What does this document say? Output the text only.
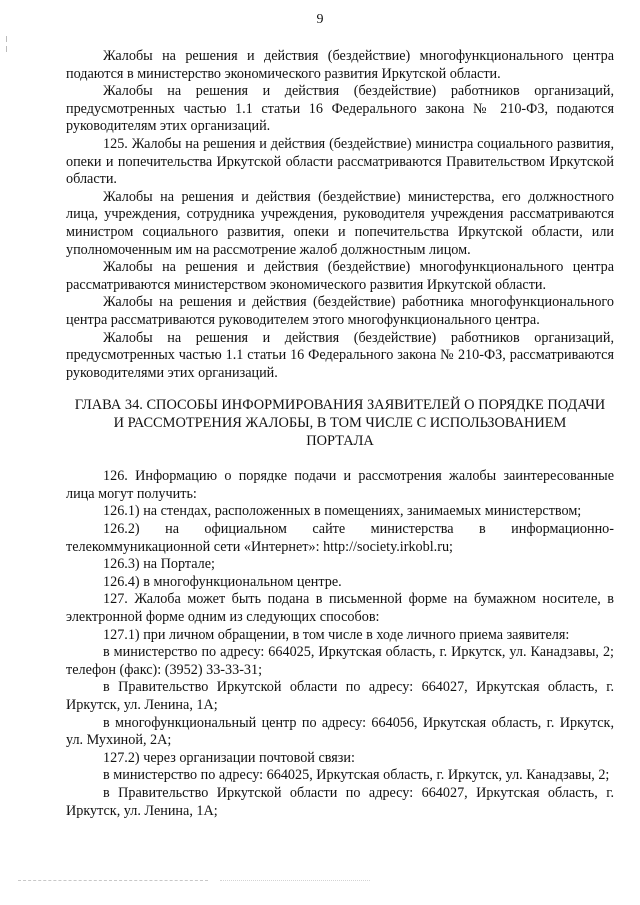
9

Жалобы на решения и действия (бездействие) многофункционального центра подаются в министерство экономического развития Иркутской области.

Жалобы на решения и действия (бездействие) работников организаций, предусмотренных частью 1.1 статьи 16 Федерального закона № 210-ФЗ, подаются руководителям этих организаций.

125. Жалобы на решения и действия (бездействие) министра социального развития, опеки и попечительства Иркутской области рассматриваются Правительством Иркутской области.

Жалобы на решения и действия (бездействие) министерства, его должностного лица, учреждения, сотрудника учреждения, руководителя учреждения рассматриваются министром социального развития, опеки и попечительства Иркутской области, или уполномоченным им на рассмотрение жалоб должностным лицом.

Жалобы на решения и действия (бездействие) многофункционального центра рассматриваются министерством экономического развития Иркутской области.

Жалобы на решения и действия (бездействие) работника многофункционального центра рассматриваются руководителем этого многофункционального центра.

Жалобы на решения и действия (бездействие) работников организаций, предусмотренных частью 1.1 статьи 16 Федерального закона № 210-ФЗ, рассматриваются руководителями этих организаций.

ГЛАВА 34. СПОСОБЫ ИНФОРМИРОВАНИЯ ЗАЯВИТЕЛЕЙ О ПОРЯДКЕ ПОДАЧИ
И РАССМОТРЕНИЯ ЖАЛОБЫ, В ТОМ ЧИСЛЕ С ИСПОЛЬЗОВАНИЕМ
ПОРТАЛА

126. Информацию о порядке подачи и рассмотрения жалобы заинтересованные лица могут получить:

126.1) на стендах, расположенных в помещениях, занимаемых министерством;

126.2) на официальном сайте министерства в информационно-телекоммуникационной сети «Интернет»: http://society.irkobl.ru;

126.3) на Портале;

126.4) в многофункциональном центре.

127. Жалоба может быть подана в письменной форме на бумажном носителе, в электронной форме одним из следующих способов:

127.1) при личном обращении, в том числе в ходе личного приема заявителя:

в министерство по адресу: 664025, Иркутская область, г. Иркутск, ул. Канадзавы, 2; телефон (факс): (3952) 33-33-31;

в Правительство Иркутской области по адресу: 664027, Иркутская область, г. Иркутск, ул. Ленина, 1А;

в многофункциональный центр по адресу: 664056, Иркутская область, г. Иркутск, ул. Мухиной, 2А;

127.2) через организации почтовой связи:

в министерство по адресу: 664025, Иркутская область, г. Иркутск, ул. Канадзавы, 2;

в Правительство Иркутской области по адресу: 664027, Иркутская область, г. Иркутск, ул. Ленина, 1А;
